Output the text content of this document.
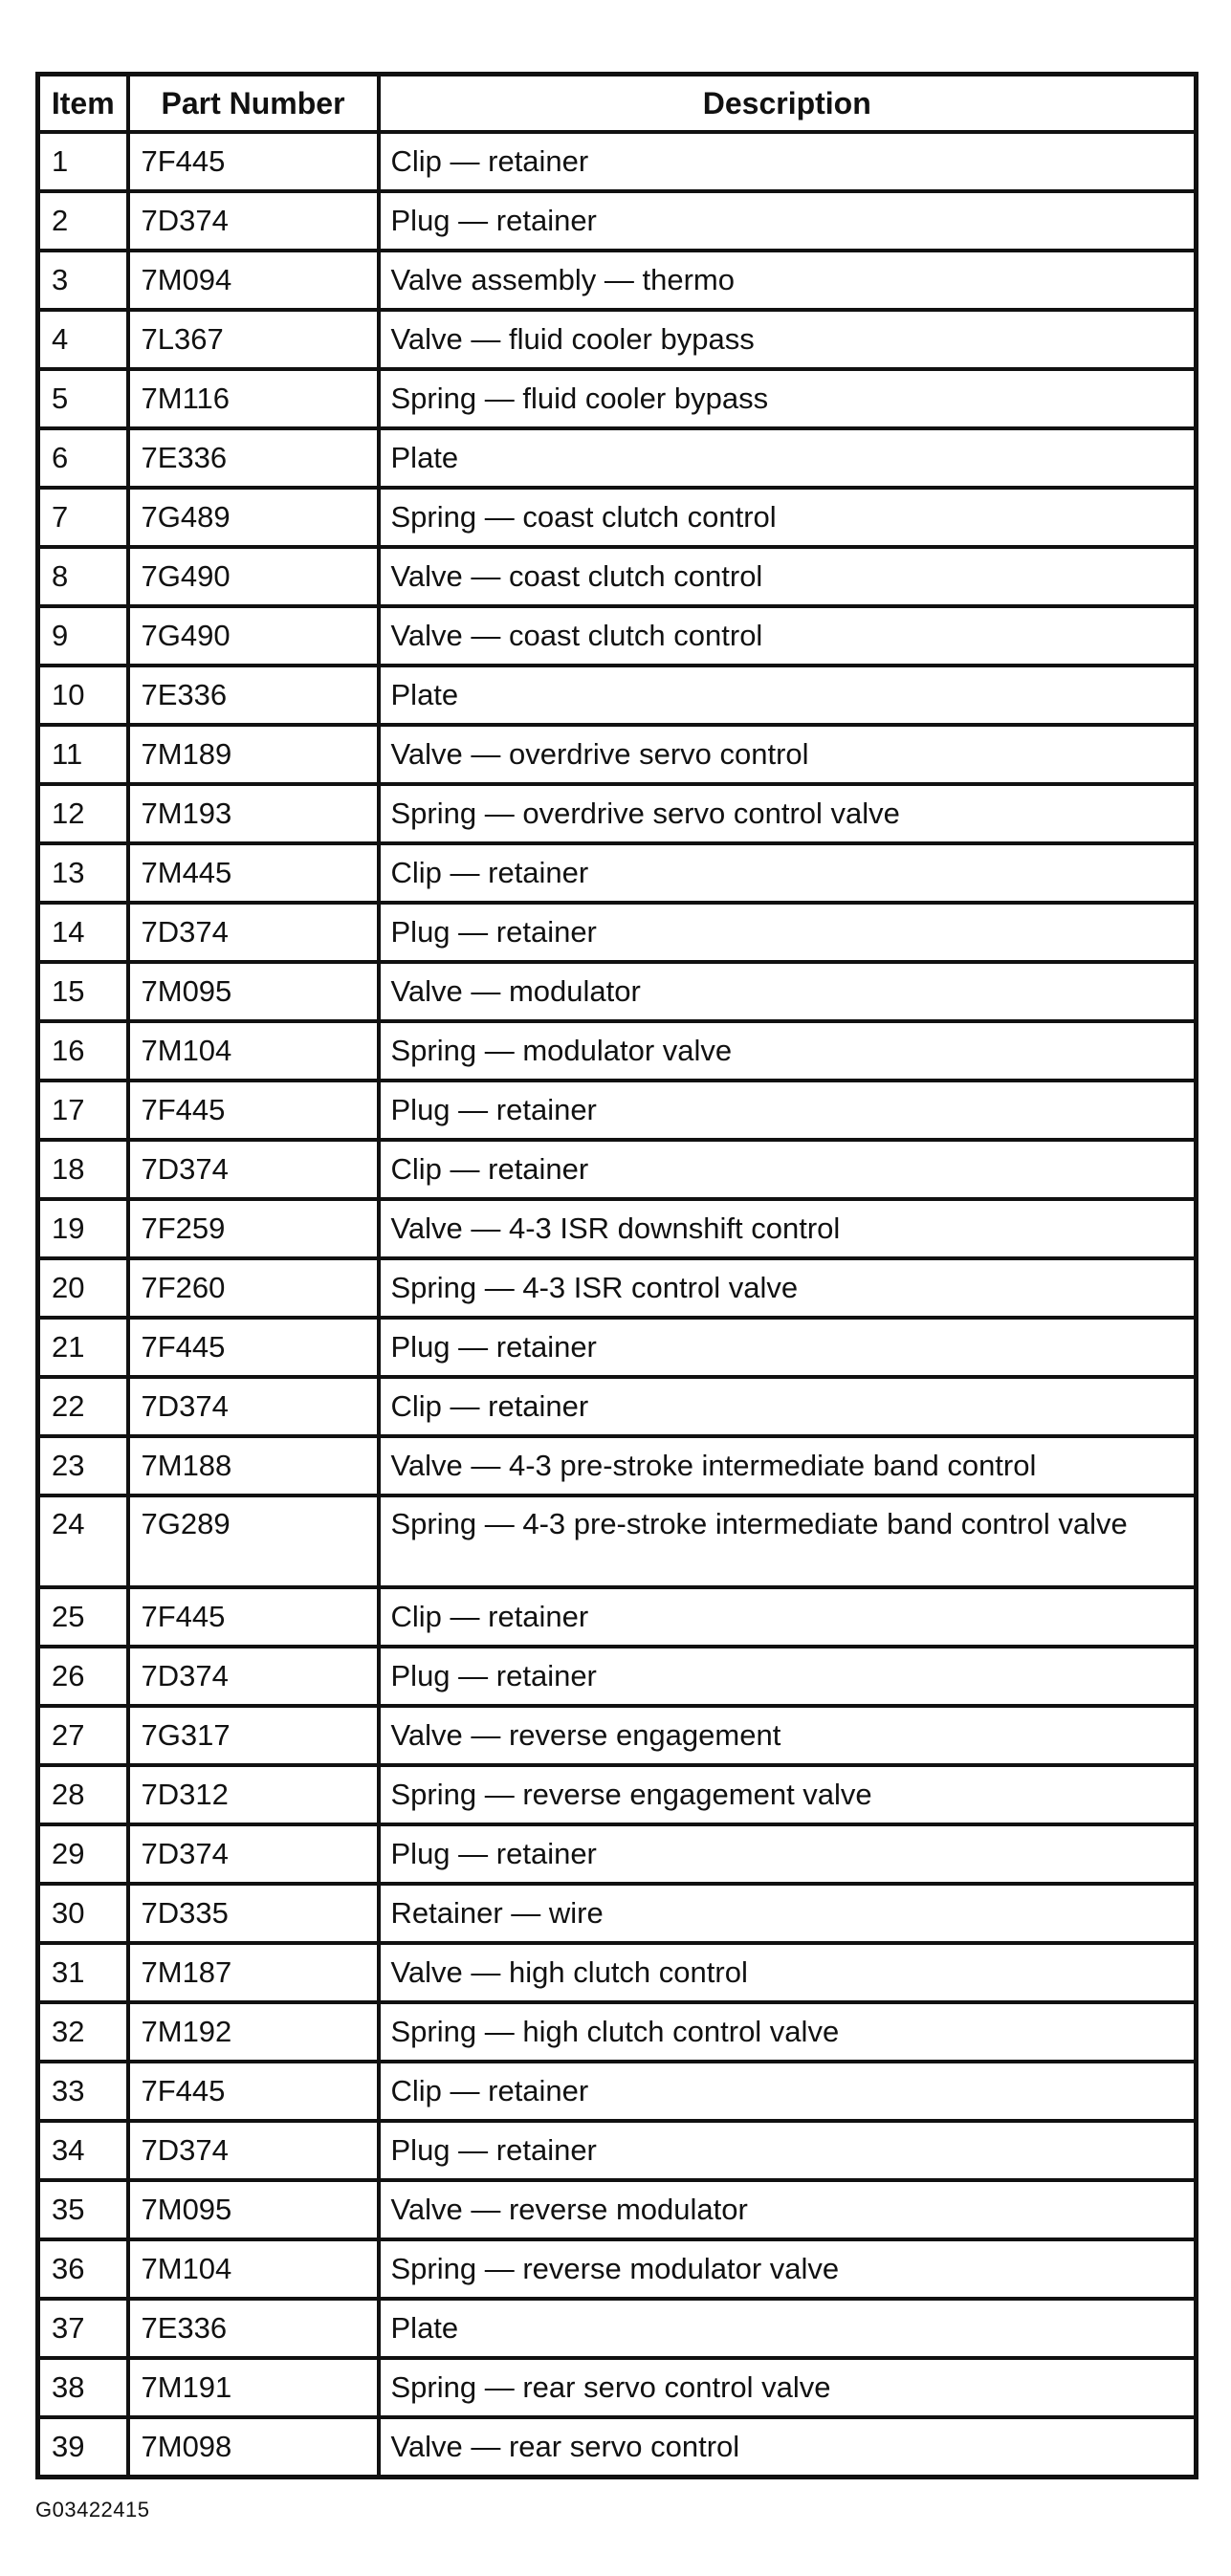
Item	Part Number	Description
1	7F445	Clip — retainer
2	7D374	Plug — retainer
3	7M094	Valve assembly — thermo
4	7L367	Valve — fluid cooler bypass
5	7M116	Spring — fluid cooler bypass
6	7E336	Plate
7	7G489	Spring — coast clutch control
8	7G490	Valve — coast clutch control
9	7G490	Valve — coast clutch control
10	7E336	Plate
11	7M189	Valve — overdrive servo control
12	7M193	Spring — overdrive servo control valve
13	7M445	Clip — retainer
14	7D374	Plug — retainer
15	7M095	Valve — modulator
16	7M104	Spring — modulator valve
17	7F445	Plug — retainer
18	7D374	Clip — retainer
19	7F259	Valve — 4-3 ISR downshift control
20	7F260	Spring — 4-3 ISR control valve
21	7F445	Plug — retainer
22	7D374	Clip — retainer
23	7M188	Valve — 4-3 pre-stroke intermediate band control
24	7G289	Spring — 4-3 pre-stroke intermediate band control valve
25	7F445	Clip — retainer
26	7D374	Plug — retainer
27	7G317	Valve — reverse engagement
28	7D312	Spring — reverse engagement valve
29	7D374	Plug — retainer
30	7D335	Retainer — wire
31	7M187	Valve — high clutch control
32	7M192	Spring — high clutch control valve
33	7F445	Clip — retainer
34	7D374	Plug — retainer
35	7M095	Valve — reverse modulator
36	7M104	Spring — reverse modulator valve
37	7E336	Plate
38	7M191	Spring — rear servo control valve
39	7M098	Valve — rear servo control
G03422415
